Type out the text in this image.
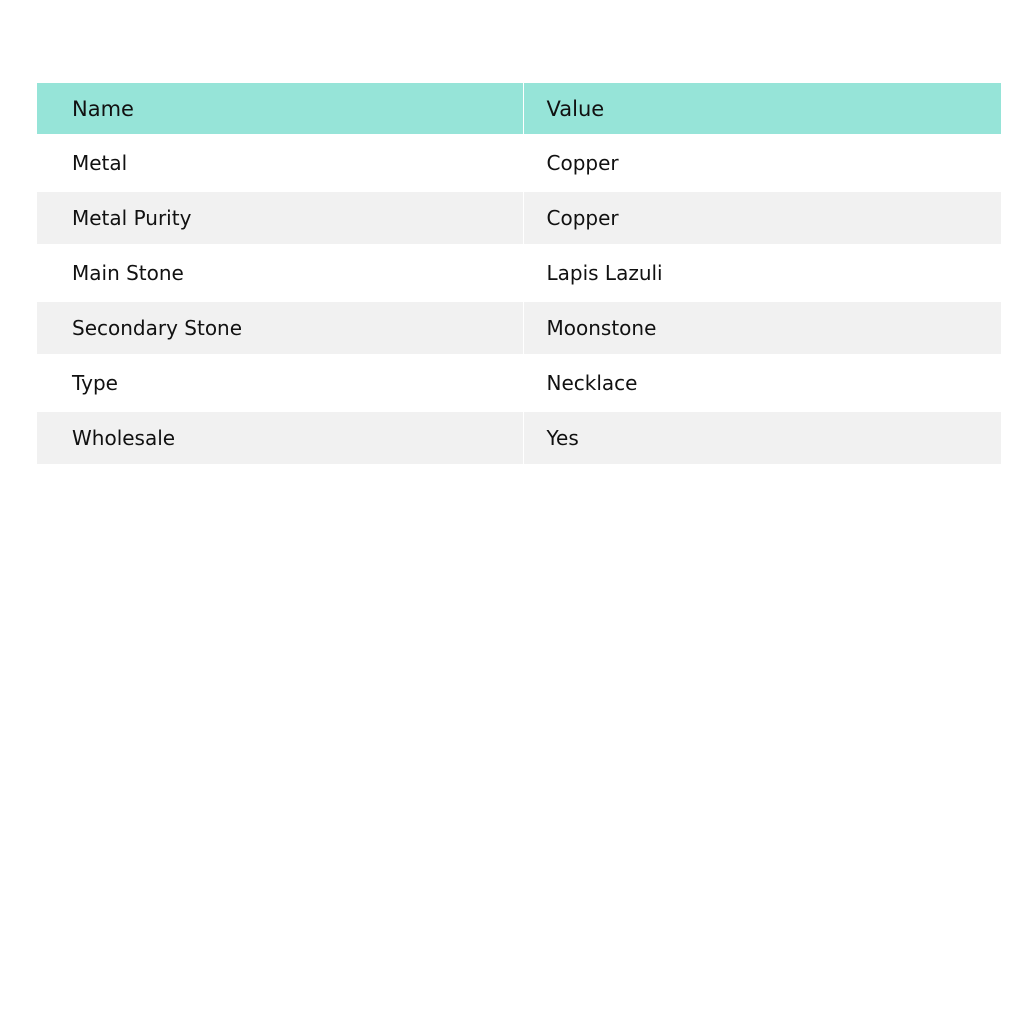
Name	Value
Metal	Copper
Metal Purity	Copper
Main Stone	Lapis Lazuli
Secondary Stone	Moonstone
Type	Necklace
Wholesale	Yes
